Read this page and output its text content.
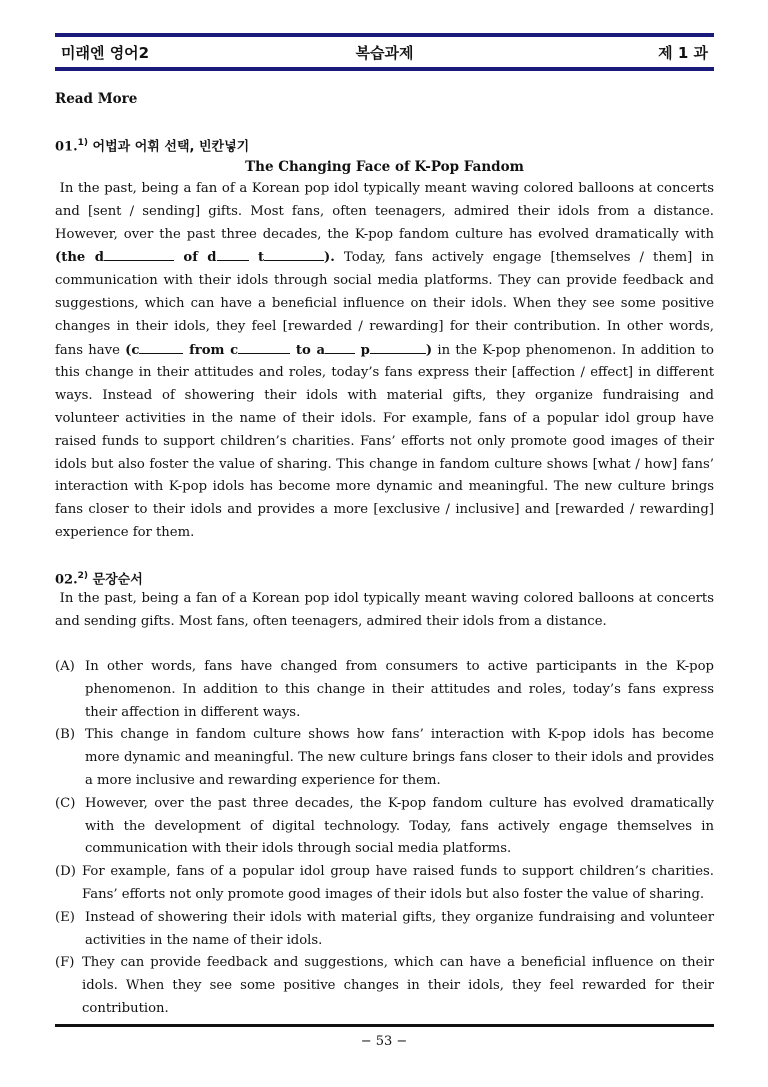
미래엔 영어2	복습과제	제 1 과
Read More
01.$^{1)}$ 어법과 어휘 선택, 빈칸넣기
The Changing Face of K-Pop Fandom
In the past, being a fan of a Korean pop idol typically meant waving colored balloons at concerts and [sent / sending] gifts. Most fans, often teenagers, admired their idols from a distance. However, over the past three decades, the K-pop fandom culture has evolved dramatically with (the d	of d t	). Today, fans actively engage [themselves / them] in communication with their idols through social media platforms. They can provide feedback and suggestions, which can have a beneficial influence on their idols. When they see some positive changes in their idols, they feel [rewarded / rewarding] for their contribution. In other words, fans have (c	from c	to a p	) in the K-pop phenomenon. In addition to this change in their attitudes and roles, today’s fans express their [affection / effect] in different ways. Instead of showering their idols with material gifts, they organize fundraising and volunteer activities in the name of their idols. For example, fans of a popular idol group have raised funds to support children’s charities. Fans’ efforts not only promote good images of their idols but also foster the value of sharing. This change in fandom culture shows [what / how] fans’ interaction with K-pop idols has become more dynamic and meaningful. The new culture brings fans closer to their idols and provides a more [exclusive / inclusive] and [rewarded / rewarding] experience for them.
02.$^{2)}$ 문장순서
In the past, being a fan of a Korean pop idol typically meant waving colored balloons at concerts and sending gifts. Most fans, often teenagers, admired their idols from a distance.
(A) In other words, fans have changed from consumers to active participants in the K-pop phenomenon. In addition to this change in their attitudes and roles, today’s fans express their affection in different ways.
(B) This change in fandom culture shows how fans’ interaction with K-pop idols has become more dynamic and meaningful. The new culture brings fans closer to their idols and provides a more inclusive and rewarding experience for them.
(C) However, over the past three decades, the K-pop fandom culture has evolved dramatically with the development of digital technology. Today, fans actively engage themselves in communication with their idols through social media platforms.
(D) For example, fans of a popular idol group have raised funds to support children’s charities. Fans’ efforts not only promote good images of their idols but also foster the value of sharing.
(E) Instead of showering their idols with material gifts, they organize fundraising and volunteer activities in the name of their idols.
(F) They can provide feedback and suggestions, which can have a beneficial influence on their idols. When they see some positive changes in their idols, they feel rewarded for their contribution.
− 53 −
